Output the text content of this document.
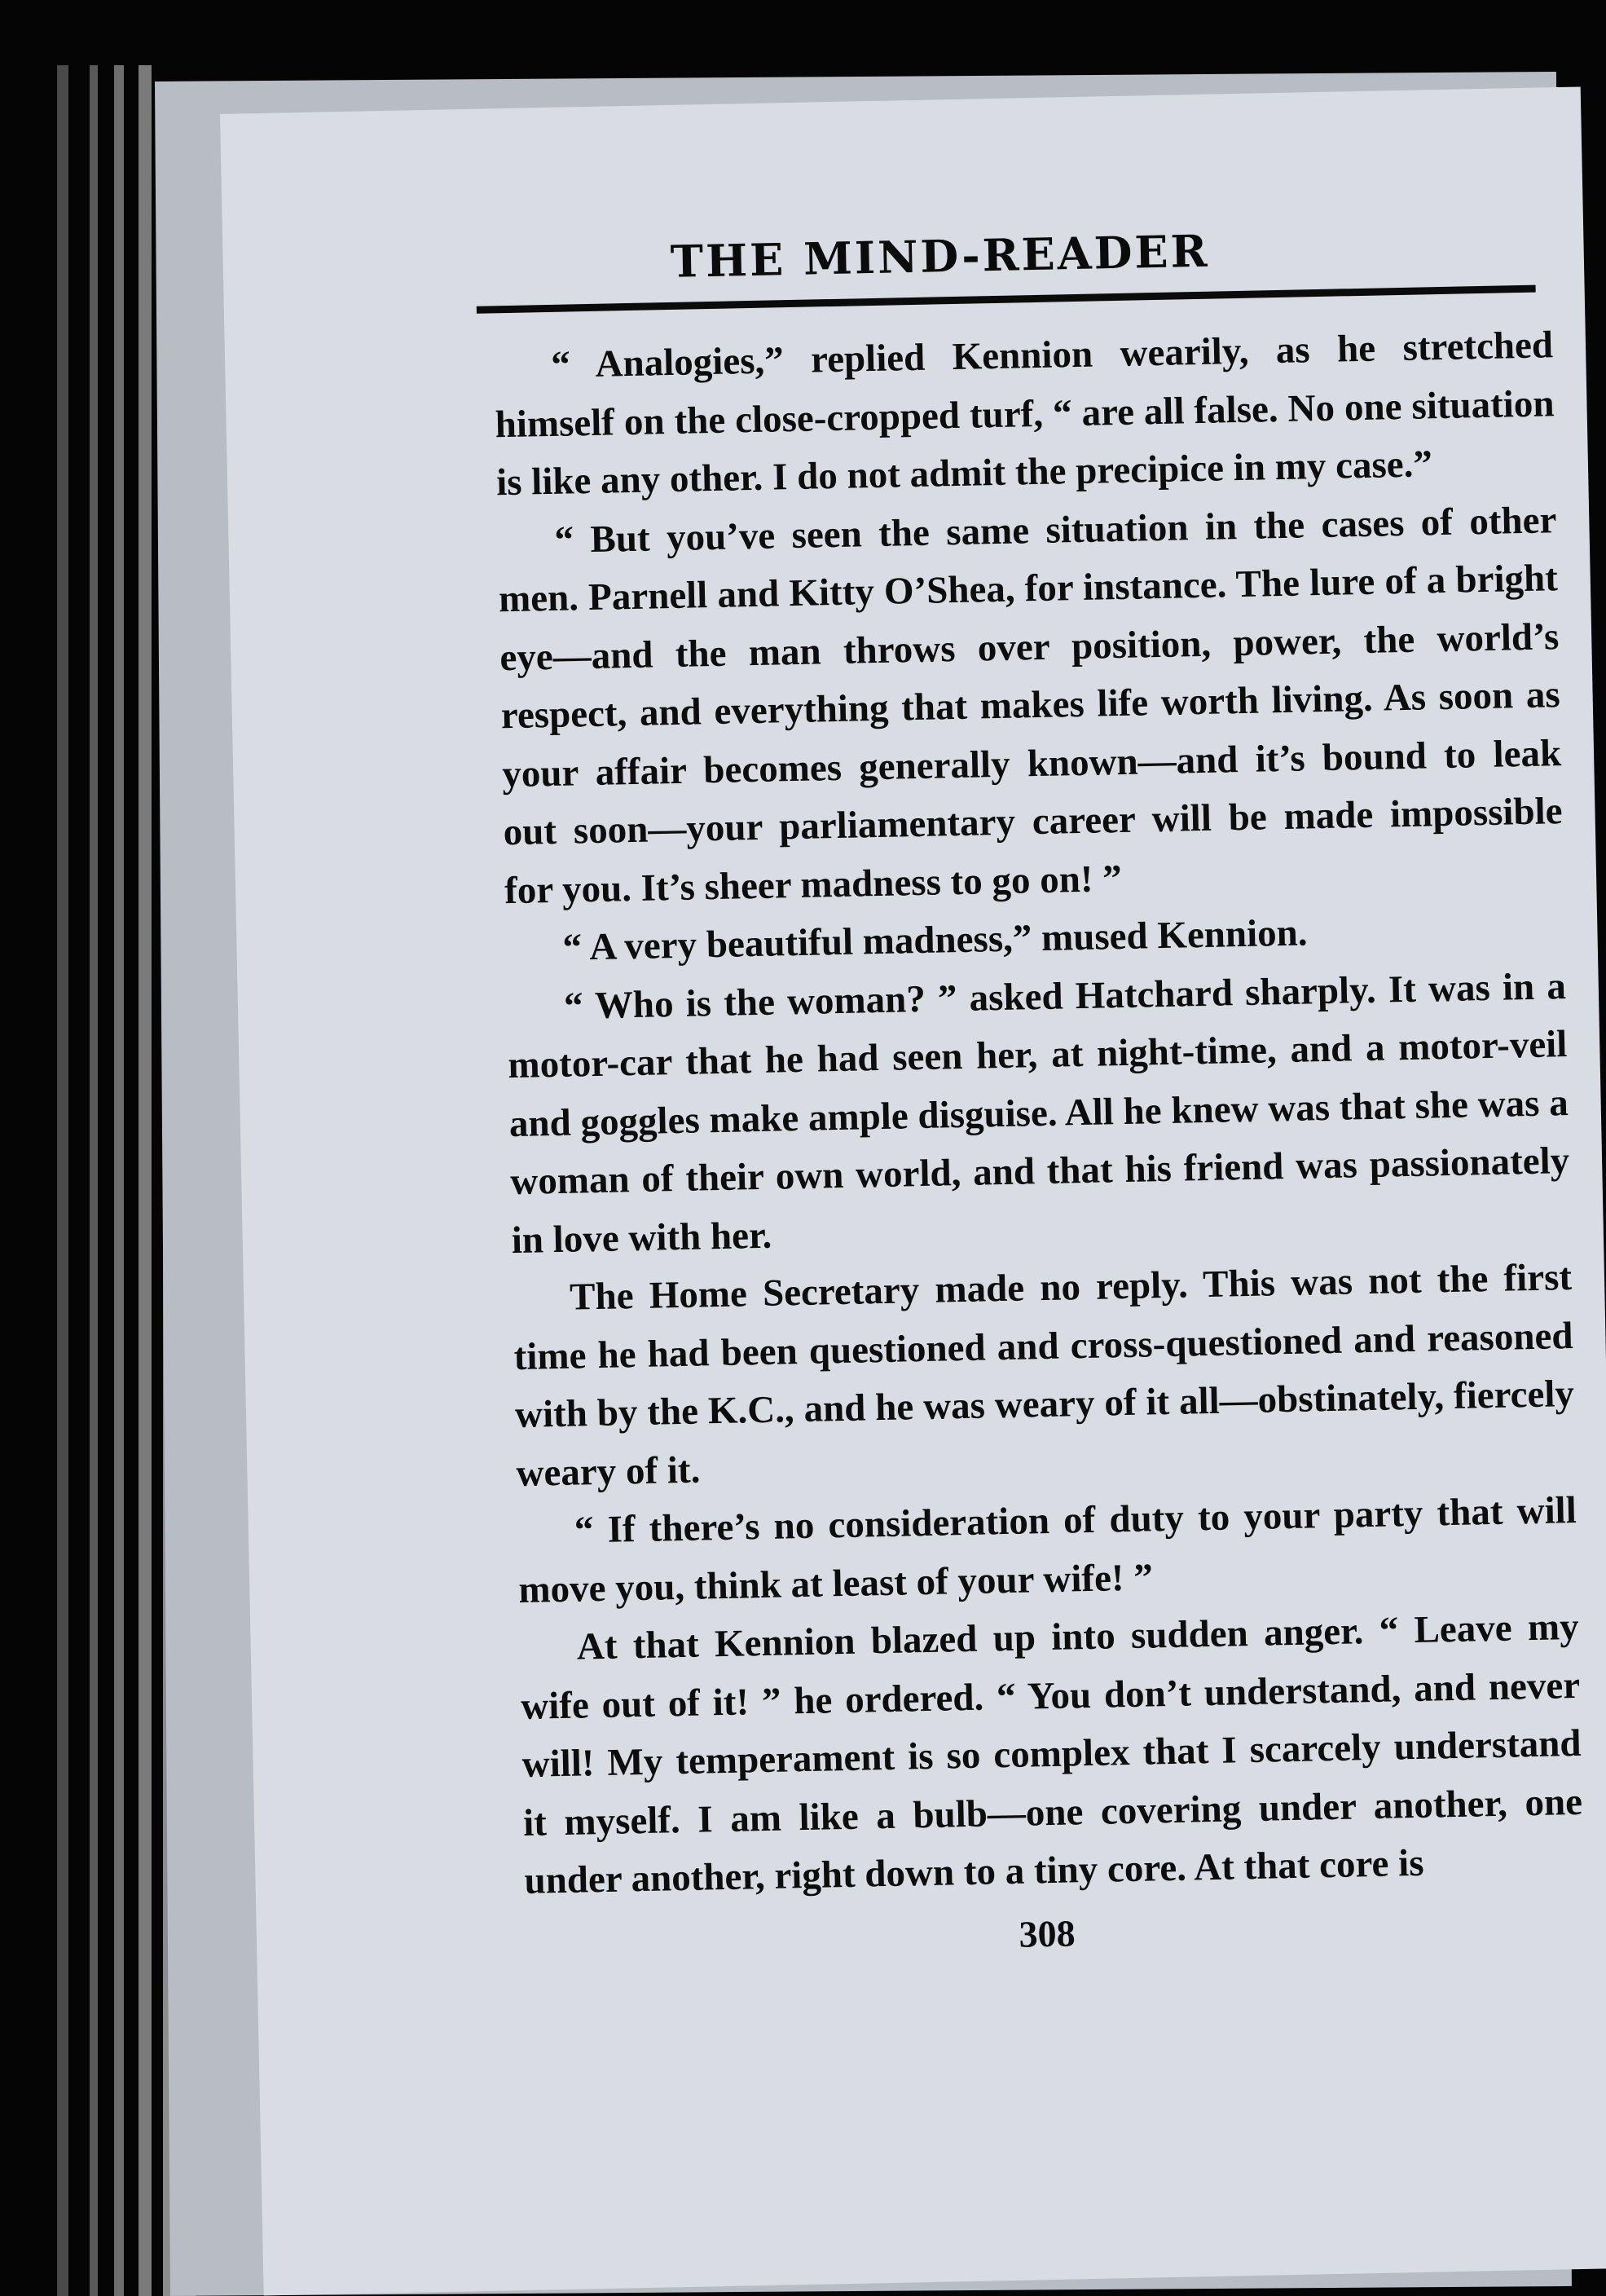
THE MIND-READER

“ Analogies,” replied Kennion wearily, as he stretched himself on the close-cropped turf, “ are all false. No one situation is like any other. I do not admit the precipice in my case.”

“ But you’ve seen the same situation in the cases of other men. Parnell and Kitty O’Shea, for instance. The lure of a bright eye—and the man throws over position, power, the world’s respect, and everything that makes life worth living. As soon as your affair becomes generally known—and it’s bound to leak out soon—your parliamentary career will be made impossible for you. It’s sheer madness to go on! ”

“ A very beautiful madness,” mused Kennion.

“ Who is the woman? ” asked Hatchard sharply. It was in a motor-car that he had seen her, at night-time, and a motor-veil and goggles make ample disguise. All he knew was that she was a woman of their own world, and that his friend was passionately in love with her.

The Home Secretary made no reply. This was not the first time he had been questioned and cross-questioned and reasoned with by the K.C., and he was weary of it all—obstinately, fiercely weary of it.

“ If there’s no consideration of duty to your party that will move you, think at least of your wife! ”

At that Kennion blazed up into sudden anger. “ Leave my wife out of it! ” he ordered. “ You don’t understand, and never will! My temperament is so complex that I scarcely understand it myself. I am like a bulb—one covering under another, one under another, right down to a tiny core. At that core is

308
